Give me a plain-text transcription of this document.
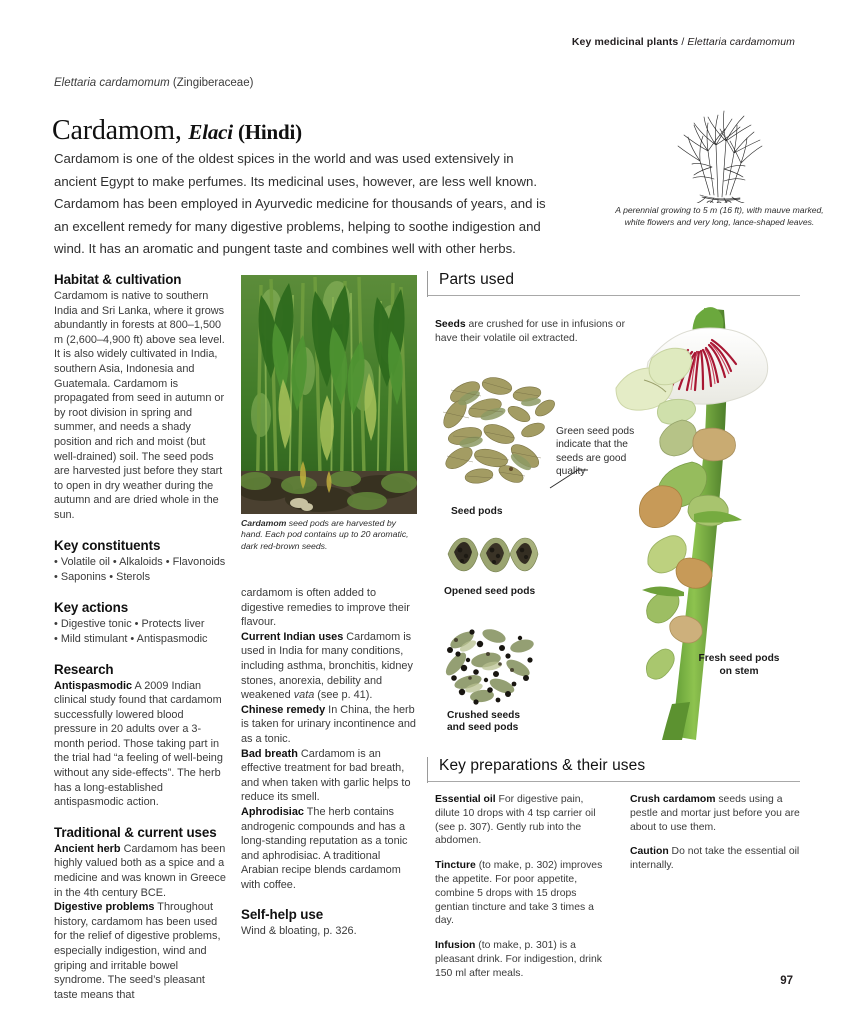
Key medicinal plants / Elettaria cardamomum
Elettaria cardamomum (Zingiberaceae)
Cardamom, Elaci (Hindi)

Cardamom is one of the oldest spices in the world and was used extensively in ancient Egypt to make perfumes. Its medicinal uses, however, are less well known. Cardamom has been employed in Ayurvedic medicine for thousands of years, and is an excellent remedy for many digestive problems, helping to soothe indigestion and wind. It has an aromatic and pungent taste and combines well with other herbs.

A perennial growing to 5 m (16 ft), with mauve marked, white flowers and very long, lance-shaped leaves.
Habitat & cultivation

Cardamom is native to southern India and Sri Lanka, where it grows abundantly in forests at 800–1,500 m (2,600–4,900 ft) above sea level. It is also widely cultivated in India, southern Asia, Indonesia and Guatemala. Cardamom is propagated from seed in autumn or by root division in spring and summer, and needs a shady position and rich and moist (but well-drained) soil. The seed pods are harvested just before they start to open in dry weather during the autumn and are dried whole in the sun.

Key constituents
• Volatile oil • Alkaloids • Flavonoids
• Saponins • Sterols
Key actions
• Digestive tonic • Protects liver
• Mild stimulant • Antispasmodic
Research

Antispasmodic A 2009 Indian clinical study found that cardamom successfully lowered blood pressure in 20 adults over a 3-month period. Those taking part in the trial had “a feeling of well-being without any side-effects”. The herb has a long-established antispasmodic action.

Traditional & current uses

Ancient herb Cardamom has been highly valued both as a spice and a medicine and was known in Greece in the 4th century BCE.

Digestive problems Throughout history, cardamom has been used for the relief of digestive problems, especially indigestion, wind and griping and irritable bowel syndrome. The seed’s pleasant taste means that

Cardamom seed pods are harvested by hand. Each pod contains up to 20 aromatic, dark red-brown seeds.

cardamom is often added to digestive remedies to improve their flavour.

Current Indian uses Cardamom is used in India for many conditions, including asthma, bronchitis, kidney stones, anorexia, debility and weakened vata (see p. 41).

Chinese remedy In China, the herb is taken for urinary incontinence and as a tonic.

Bad breath Cardamom is an effective treatment for bad breath, and when taken with garlic helps to reduce its smell.

Aphrodisiac The herb contains androgenic compounds and has a long-standing reputation as a tonic and aphrodisiac. A traditional Arabian recipe blends cardamom with coffee.

Self-help use

Wind & bloating, p. 326.

Parts used

Seeds are crushed for use in infusions or have their volatile oil extracted.

Green seed pods indicate that the seeds are good quality
Seed pods
Opened seed pods
Crushed seeds
and seed pods
Fresh seed pods
on stem
Key preparations & their uses

Essential oil For digestive pain, dilute 10 drops with 4 tsp carrier oil (see p. 307). Gently rub into the abdomen.

Tincture (to make, p. 302) improves the appetite. For poor appetite, combine 5 drops with 15 drops gentian tincture and take 3 times a day.

Infusion (to make, p. 301) is a pleasant drink. For indigestion, drink 150 ml after meals.

Crush cardamom seeds using a pestle and mortar just before you are about to use them.

Caution Do not take the essential oil internally.

97
